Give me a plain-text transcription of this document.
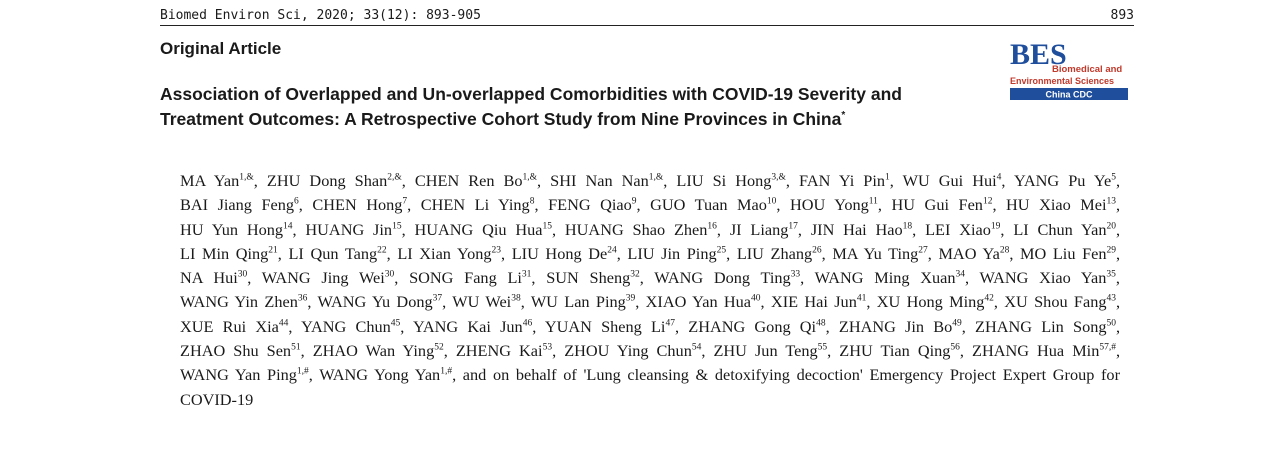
Biomed Environ Sci, 2020; 33(12): 893-905	893
Original Article
Association of Overlapped and Un-overlapped Comorbidities with COVID-19 Severity and Treatment Outcomes: A Retrospective Cohort Study from Nine Provinces in China*
BES
Biomedical and
Environmental Sciences
China CDC

MA Yan$^{1,\&}$, ZHU Dong Shan$^{2,\&}$, CHEN Ren $Bo^{1,\&}$, SHI Nan Nan$^{1,\&}$, LIU Si Hong$^{3,\&}$, FAN Yi Pin$^1$, WU Gui Hui$^4$, YANG Pu Ye$^5$, BAI Jiang Feng$^6$, CHEN Hong$^7$, CHEN Li Ying$^8$, FENG Qiao$^9$, GUO Tuan Mao$^{10}$, HOU Yong$^{11}$, HU Gui Fen$^{12}$, HU Xiao Mei$^{13}$, HU Yun Hong$^{14}$, HUANG Jin$^{15}$, HUANG Qiu Hua$^{15}$, HUANG Shao Zhen$^{16}$, JI Liang$^{17}$, JIN Hai Hao$^{18}$, LEI Xiao$^{19}$, LI Chun Yan$^{20}$, LI Min Qing$^{21}$, LI Qun Tang$^{22}$, LI Xian Yong$^{23}$, LIU Hong De$^{24}$, LIU Jin Ping$^{25}$, LIU Zhang$^{26}$, MA Yu Ting$^{27}$, MAO Ya$^{28}$, MO Liu Fen$^{29}$, NA Hui$^{30}$, WANG Jing Wei$^{30}$, SONG Fang Li$^{31}$, SUN Sheng$^{32}$, WANG Dong Ting$^{33}$, WANG Ming Xuan$^{34}$, WANG Xiao Yan$^{35}$, WANG Yin Zhen$^{36}$, WANG Yu Dong$^{37}$, WU Wei$^{38}$, WU Lan Ping$^{39}$, XIAO Yan Hua$^{40}$, XIE Hai Jun$^{41}$, XU Hong Ming$^{42}$, XU Shou Fang$^{43}$, XUE Rui Xia$^{44}$, YANG Chun$^{45}$, YANG Kai Jun$^{46}$, YUAN Sheng Li$^{47}$, ZHANG Gong Qi$^{48}$, ZHANG Jin Bo$^{49}$, ZHANG Lin Song$^{50}$, ZHAO Shu Sen$^{51}$, ZHAO Wan Ying$^{52}$, ZHENG Kai$^{53}$, ZHOU Ying Chun$^{54}$, ZHU Jun Teng$^{55}$, ZHU Tian Qing$^{56}$, ZHANG Hua Min$^{57,\#}$, WANG Yan Ping$^{1,\#}$, WANG Yong Yan$^{1,\#}$, and on behalf of 'Lung cleansing & detoxifying decoction' Emergency Project Expert Group for COVID-19
